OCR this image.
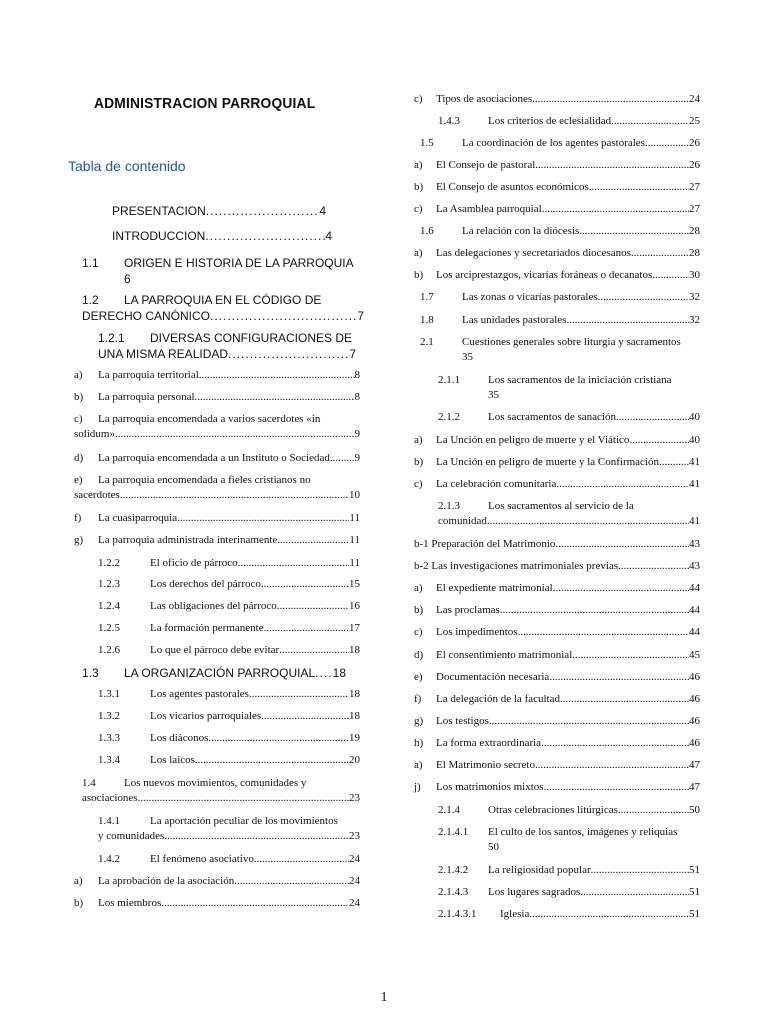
ADMINISTRACION PARROQUIAL
Tabla de contenido
PRESENTACION .....	4
INTRODUCCION .....	4
1.1	ORIGEN E HISTORIA DE LA PARROQUIA
6
1.2	LA PARROQUIA EN EL CÓDIGO DE
DERECHO CANÓNICO .....	7
1.2.1	DIVERSAS CONFIGURACIONES DE
UNA MISMA REALIDAD .....	7
a)	La parroquia territorial .....	8
b)	La parroquia personal .....	8
c)	La parroquia encomendada a varios sacerdotes «in
solidum» .....	9
d)	La parroquia encomendada a un Instituto o Sociedad ..... 9
e)	La parroquia encomendada a fieles cristianos no
sacerdotes .....	10
f)	La cuasiparroquia .....	11
g)	La parroquia administrada interinamente .....	11
1.2.2	El oficio de párroco .....	11
1.2.3	Los derechos del párroco .....	15
1.2.4	Las obligaciones del párroco .....	16
1.2.5	La formación permanente .....	17
1.2.6	Lo que el párroco debe evitar .....	18
1.3	LA ORGANIZACIÓN PARROQUIAL ..... 18
1.3.1	Los agentes pastorales .....	18
1.3.2	Los vicarios parroquiales .....	18
1.3.3	Los diáconos .....	19
1.3.4	Los laicos .....	20
1.4	Los nuevos movimientos, comunidades y
asociaciones .....	23
1.4.1	La aportación peculiar de los movimientos
y comunidades .....	23
1.4.2	El fenómeno asociativo .....	24
a)	La aprobación de la asociación .....	24
b)	Los miembros .....	24
c)	Tipos de asociaciones .....	24
1.4.3	Los criterios de eclesialidad .....	25
1.5	La coordinación de los agentes pastorales .....	26
a)	El Consejo de pastoral .....	26
b)	El Consejo de asuntos económicos .....	27
c)	La Asamblea parroquial .....	27
1.6	La relación con la diócesis .....	28
a)	Las delegaciones y secretariados diocesanos .....	28
b)	Los arciprestazgos, vicarías foráneas o decanatos .....	30
1.7	Las zonas o vicarías pastorales .....	32
1.8	Las unidades pastorales .....	32
2.1	Cuestiones generales sobre liturgia y sacramentos
35
2.1.1	Los sacramentos de la iniciación cristiana
35
2.1.2	Los sacramentos de sanación .....	40
a)	La Unción en peligro de muerte y el Viático .....	40
b)	La Unción en peligro de muerte y la Confirmación .....	41
c)	La celebración comunitaria .....	41
2.1.3	Los sacramentos al servicio de la
comunidad .....	41
b-1 Preparación del Matrimonio .....	43
b-2 Las investigaciones matrimoniales previas .....	43
a)	El expediente matrimonial .....	44
b)	Las proclamas .....	44
c)	Los impedimentos .....	44
d)	El consentimiento matrimonial .....	45
e)	Documentación necesaria .....	46
f)	La delegación de la facultad .....	46
g)	Los testigos .....	46
h)	La forma extraordinaria .....	46
a)	El Matrimonio secreto .....	47
j)	Los matrimonios mixtos .....	47
2.1.4	Otras celebraciones litúrgicas .....	50
2.1.4.1	El culto de los santos, imágenes y reliquias
50
2.1.4.2	La religiosidad popular .....	51
2.1.4.3	Los lugares sagrados .....	51
2.1.4.3.1	Iglesia .....	51
1
